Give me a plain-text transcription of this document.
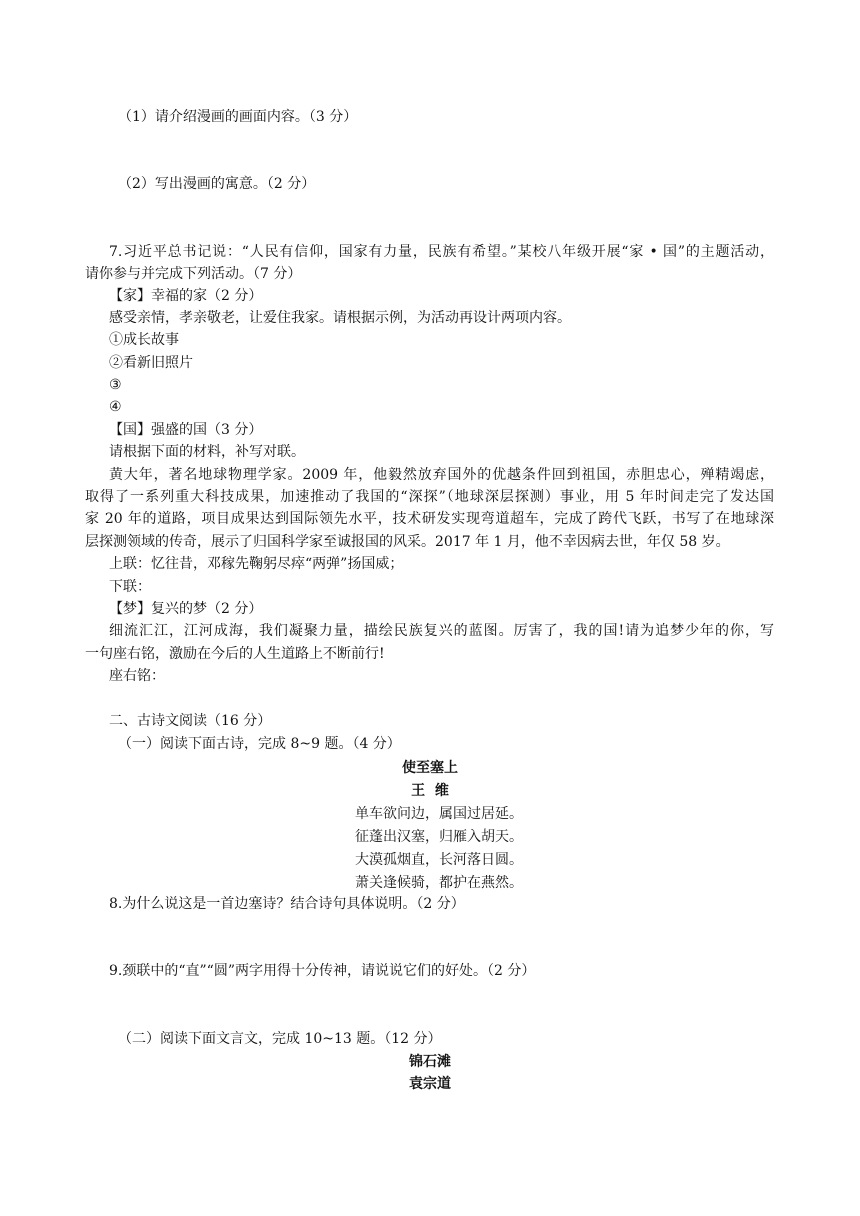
（1）请介绍漫画的画面内容。（3 分）

（2）写出漫画的寓意。（2 分）

7.习近平总书记说：“人民有信仰，国家有力量，民族有希望。”某校八年级开展“家 • 国”的主题活动，

请你参与并完成下列活动。（7 分）

【家】幸福的家（2 分）

感受亲情，孝亲敬老，让爱住我家。请根据示例，为活动再设计两项内容。

①成长故事

②看新旧照片

③

④

【国】强盛的国（3 分）

请根据下面的材料，补写对联。

黄大年，著名地球物理学家。2009 年，他毅然放弃国外的优越条件回到祖国，赤胆忠心，殚精竭虑，

取得了一系列重大科技成果，加速推动了我国的“深探”（地球深层探测）事业，用 5 年时间走完了发达国

家 20 年的道路，项目成果达到国际领先水平，技术研发实现弯道超车，完成了跨代飞跃，书写了在地球深

层探测领域的传奇，展示了归国科学家至诚报国的风采。2017 年 1 月，他不幸因病去世，年仅 58 岁。

上联：忆往昔，邓稼先鞠躬尽瘁“两弹”扬国威；

下联：

【梦】复兴的梦（2 分）

细流汇江，江河成海，我们凝聚力量，描绘民族复兴的蓝图。厉害了，我的国!请为追梦少年的你，写

一句座右铭，激励在今后的人生道路上不断前行!

座右铭：

二、古诗文阅读（16 分）

（一）阅读下面古诗，完成 8~9 题。（4 分）

使至塞上

王  维

单车欲问边，属国过居延。

征蓬出汉塞，归雁入胡天。

大漠孤烟直，长河落日圆。

萧关逢候骑，都护在燕然。

8.为什么说这是一首边塞诗？结合诗句具体说明。（2 分）

9.颈联中的“直”“圆”两字用得十分传神，请说说它们的好处。（2 分）

（二）阅读下面文言文，完成 10~13 题。（12 分）

锦石滩

袁宗道
